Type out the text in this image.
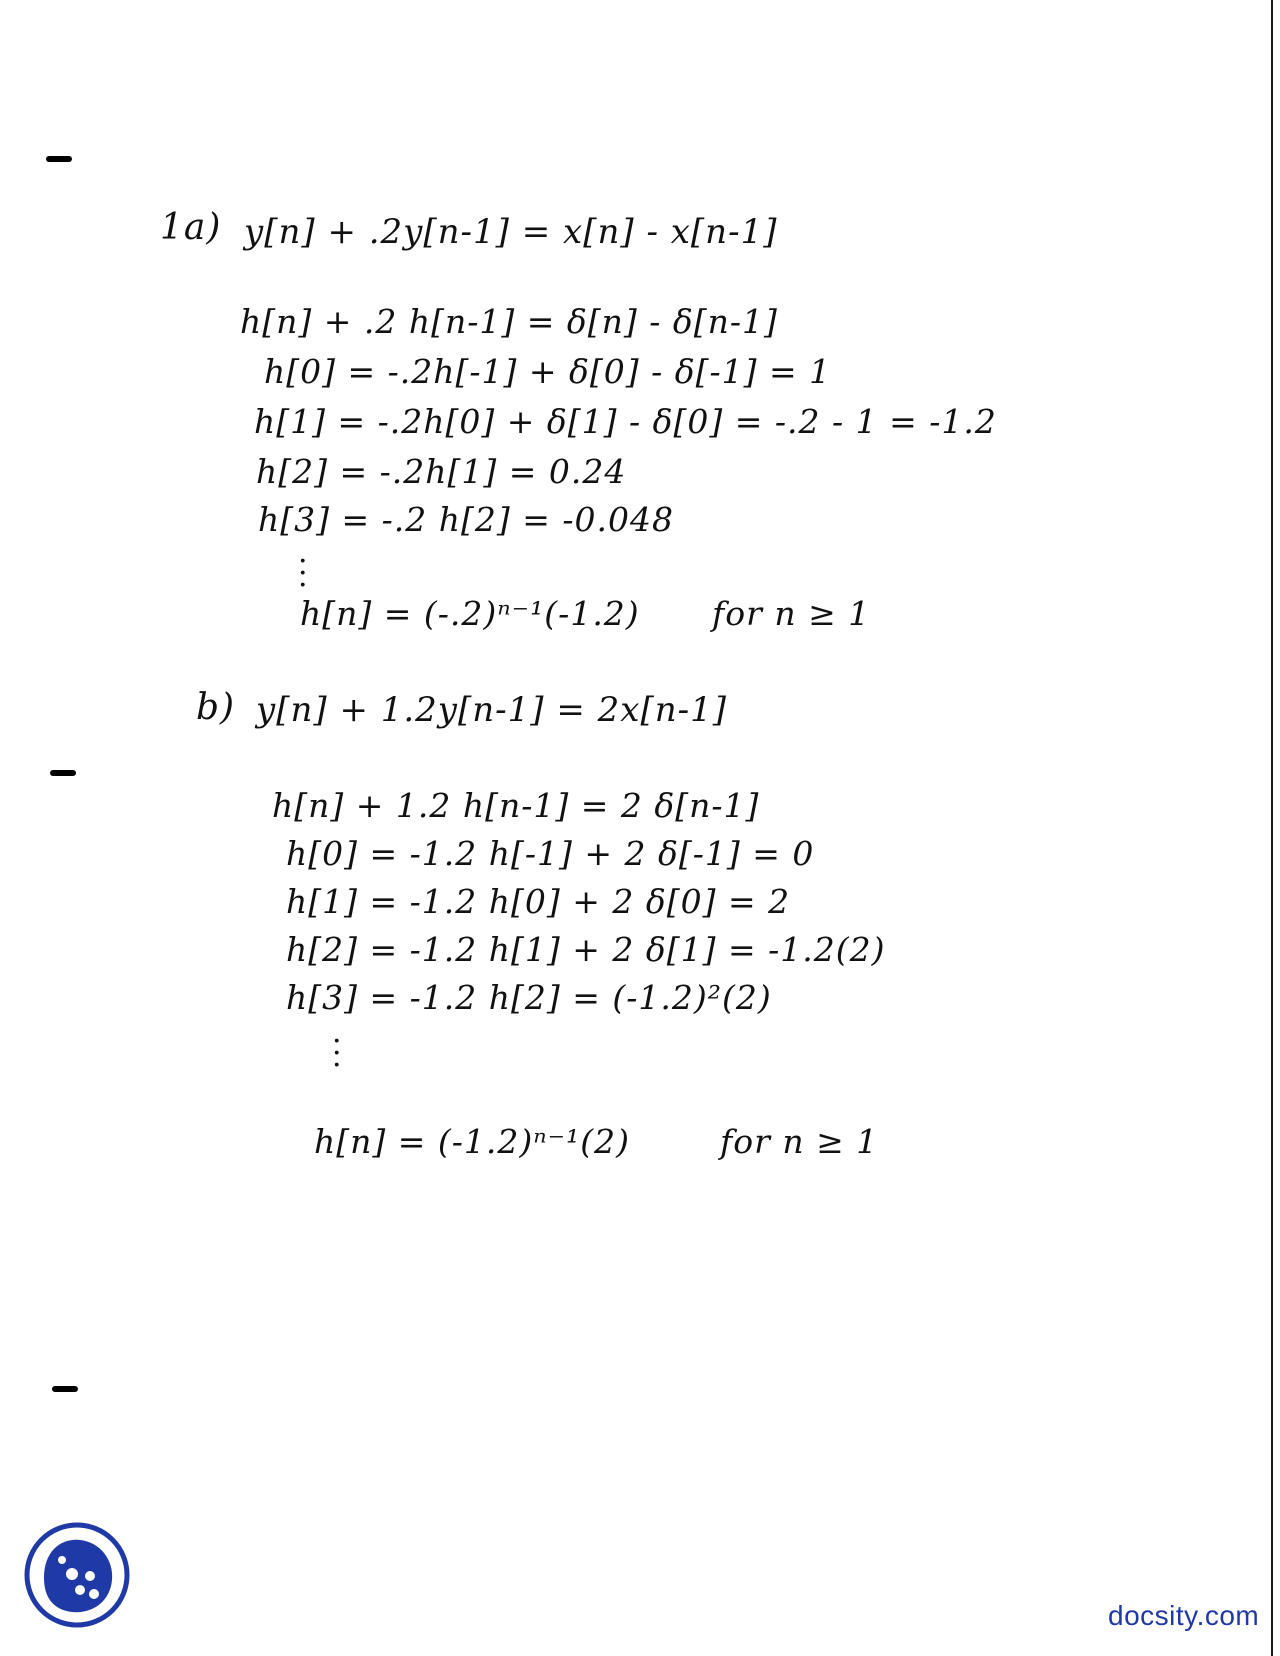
1a) y[n] + .2y[n-1] = x[n] - x[n-1]
h[n] + .2 h[n-1] = δ[n] - δ[n-1]
h[0] = -.2h[-1] + δ[0] - δ[-1] = 1
h[1] = -.2h[0] + δ[1] - δ[0] = -.2 - 1 = -1.2
h[2] = -.2h[1] = 0.24
h[3] = -.2 h[2] = -0.048
·
·
·
h[n] = (-.2)ⁿ⁻¹(-1.2) for n ≥ 1
b) y[n] + 1.2y[n-1] = 2x[n-1]
h[n] + 1.2 h[n-1] = 2 δ[n-1]
h[0] = -1.2 h[-1] + 2 δ[-1] = 0
h[1] = -1.2 h[0] + 2 δ[0] = 2
h[2] = -1.2 h[1] + 2 δ[1] = -1.2(2)
h[3] = -1.2 h[2] = (-1.2)²(2)
·
·
·
h[n] = (-1.2)ⁿ⁻¹(2)	for n ≥ 1
docsity.com
